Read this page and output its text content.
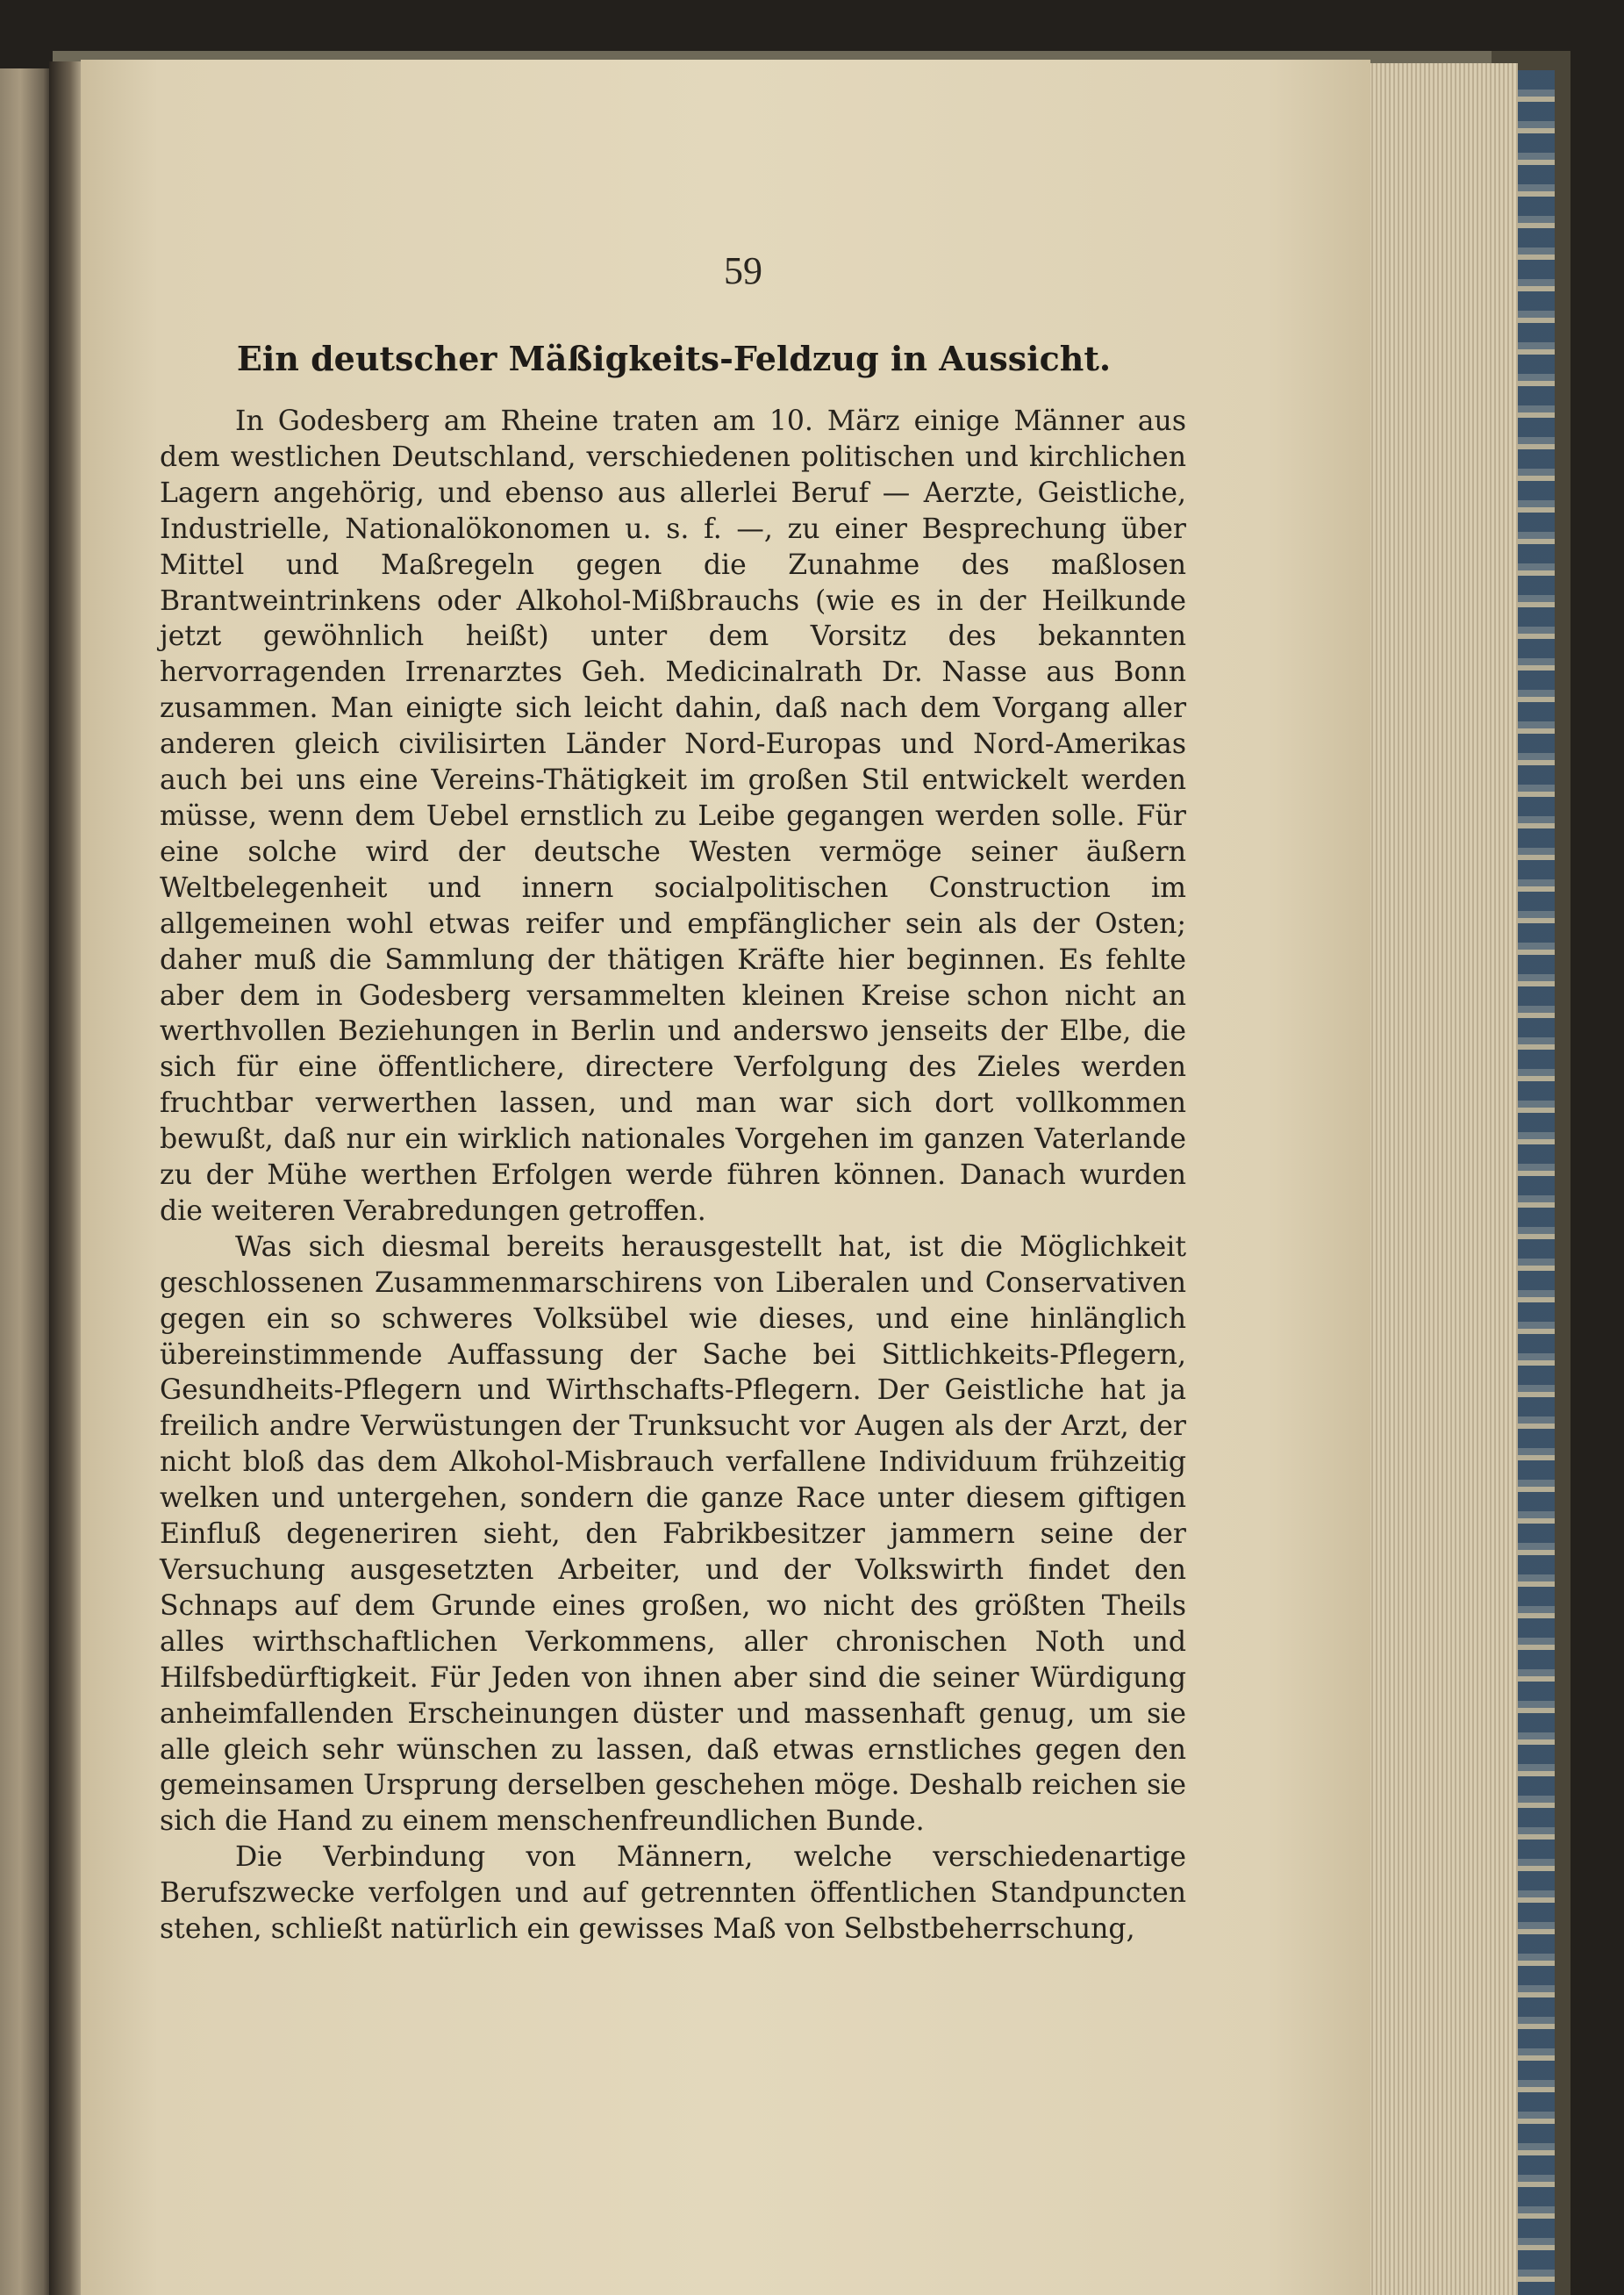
59
Ein deutscher Mäßigkeits-Feldzug in Aussicht.

In Godesberg am Rheine traten am 10. März einige Männer aus dem westlichen Deutschland, verschiedenen politischen und kirchlichen Lagern angehörig, und ebenso aus allerlei Beruf — Aerzte, Geistliche, Industrielle, Nationalökonomen u. s. f. —, zu einer Besprechung über Mittel und Maßregeln gegen die Zunahme des maßlosen Brantweintrinkens oder Alkohol-Mißbrauchs (wie es in der Heilkunde jetzt gewöhnlich heißt) unter dem Vorsitz des bekannten hervorragenden Irrenarztes Geh. Medicinalrath Dr. Nasse aus Bonn zusammen. Man einigte sich leicht dahin, daß nach dem Vorgang aller anderen gleich civilisirten Länder Nord-Europas und Nord-Amerikas auch bei uns eine Vereins-Thätigkeit im großen Stil entwickelt werden müsse, wenn dem Uebel ernstlich zu Leibe gegangen werden solle. Für eine solche wird der deutsche Westen vermöge seiner äußern Weltbelegenheit und innern socialpolitischen Construction im allgemeinen wohl etwas reifer und empfänglicher sein als der Osten; daher muß die Sammlung der thätigen Kräfte hier beginnen. Es fehlte aber dem in Godesberg versammelten kleinen Kreise schon nicht an werthvollen Beziehungen in Berlin und anderswo jenseits der Elbe, die sich für eine öffentlichere, directere Verfolgung des Zieles werden fruchtbar verwerthen lassen, und man war sich dort vollkommen bewußt, daß nur ein wirklich nationales Vorgehen im ganzen Vaterlande zu der Mühe werthen Erfolgen werde führen können. Danach wurden die weiteren Verabredungen getroffen.

Was sich diesmal bereits herausgestellt hat, ist die Möglichkeit geschlossenen Zusammenmarschirens von Liberalen und Conservativen gegen ein so schweres Volksübel wie dieses, und eine hinlänglich übereinstimmende Auffassung der Sache bei Sittlichkeits-Pflegern, Gesundheits-Pflegern und Wirthschafts-Pflegern. Der Geistliche hat ja freilich andre Verwüstungen der Trunksucht vor Augen als der Arzt, der nicht bloß das dem Alkohol-Misbrauch verfallene Individuum frühzeitig welken und untergehen, sondern die ganze Race unter diesem giftigen Einfluß degeneriren sieht, den Fabrikbesitzer jammern seine der Versuchung ausgesetzten Arbeiter, und der Volkswirth findet den Schnaps auf dem Grunde eines großen, wo nicht des größten Theils alles wirthschaftlichen Verkommens, aller chronischen Noth und Hilfsbedürftigkeit. Für Jeden von ihnen aber sind die seiner Würdigung anheimfallenden Erscheinungen düster und massenhaft genug, um sie alle gleich sehr wünschen zu lassen, daß etwas ernstliches gegen den gemeinsamen Ursprung derselben geschehen möge. Deshalb reichen sie sich die Hand zu einem menschenfreundlichen Bunde.

Die Verbindung von Männern, welche verschiedenartige Berufszwecke verfolgen und auf getrennten öffentlichen Standpuncten stehen, schließt natürlich ein gewisses Maß von Selbstbeherrschung,
